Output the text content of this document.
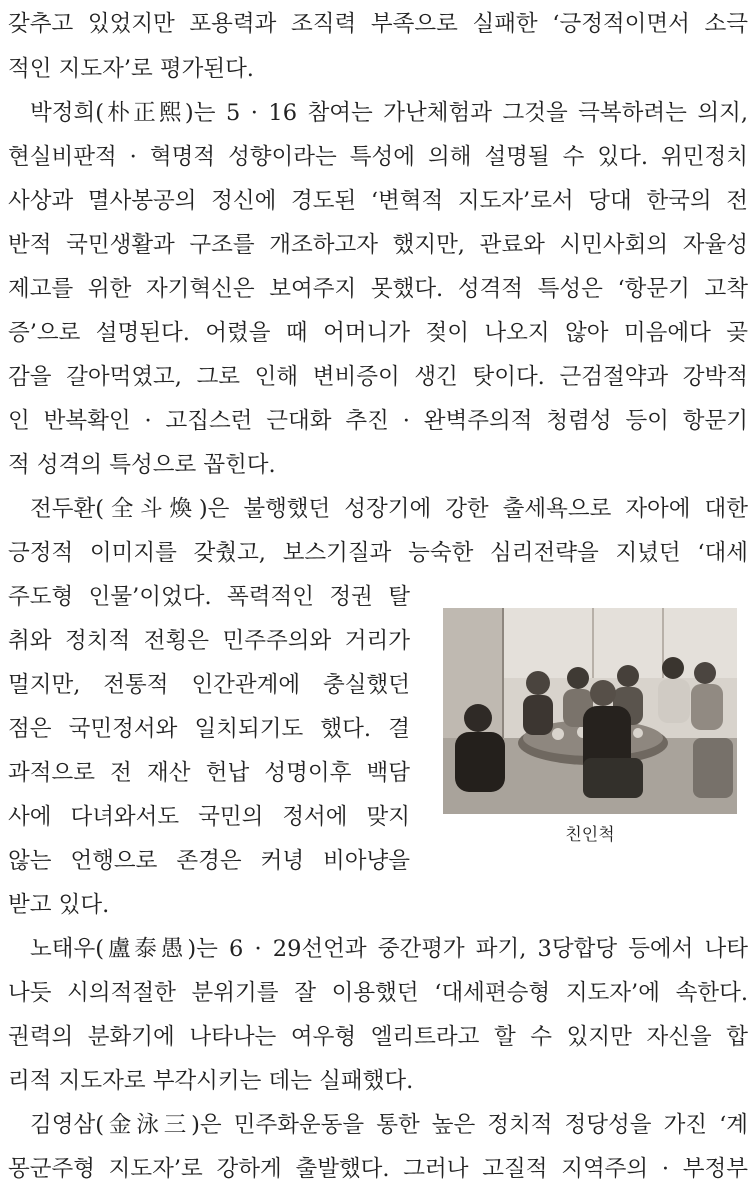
갖추고 있었지만 포용력과 조직력 부족으로 실패한 ‘긍정적이면서 소극
적인 지도자’로 평가된다.
박정희(朴正熙)는 5 · 16 참여는 가난체험과 그것을 극복하려는 의지,
현실비판적 · 혁명적 성향이라는 특성에 의해 설명될 수 있다. 위민정치
사상과 멸사봉공의 정신에 경도된 ‘변혁적 지도자’로서 당대 한국의 전
반적 국민생활과 구조를 개조하고자 했지만, 관료와 시민사회의 자율성
제고를 위한 자기혁신은 보여주지 못했다. 성격적 특성은 ‘항문기 고착
증’으로 설명된다. 어렸을 때 어머니가 젖이 나오지 않아 미음에다 곶
감을 갈아먹였고, 그로 인해 변비증이 생긴 탓이다. 근검절약과 강박적
인 반복확인 · 고집스런 근대화 추진 · 완벽주의적 청렴성 등이 항문기
적 성격의 특성으로 꼽힌다.
전두환(全斗煥)은 불행했던 성장기에 강한 출세욕으로 자아에 대한
긍정적 이미지를 갖췄고, 보스기질과 능숙한 심리전략을 지녔던 ‘대세
주도형 인물’이었다. 폭력적인 정권 탈
취와 정치적 전횡은 민주주의와 거리가
멀지만, 전통적 인간관계에 충실했던
점은 국민정서와 일치되기도 했다. 결
과적으로 전 재산 헌납 성명이후 백담
사에 다녀와서도 국민의 정서에 맞지
않는 언행으로 존경은 커녕 비아냥을
받고 있다.
노태우(盧泰愚)는 6 · 29선언과 중간평가 파기, 3당합당 등에서 나타
나듯 시의적절한 분위기를 잘 이용했던 ‘대세편승형 지도자’에 속한다.
권력의 분화기에 나타나는 여우형 엘리트라고 할 수 있지만 자신을 합
리적 지도자로 부각시키는 데는 실패했다.
김영삼(金泳三)은 민주화운동을 통한 높은 정치적 정당성을 가진 ‘계
몽군주형 지도자’로 강하게 출발했다. 그러나 고질적 지역주의 · 부정부
친인척
